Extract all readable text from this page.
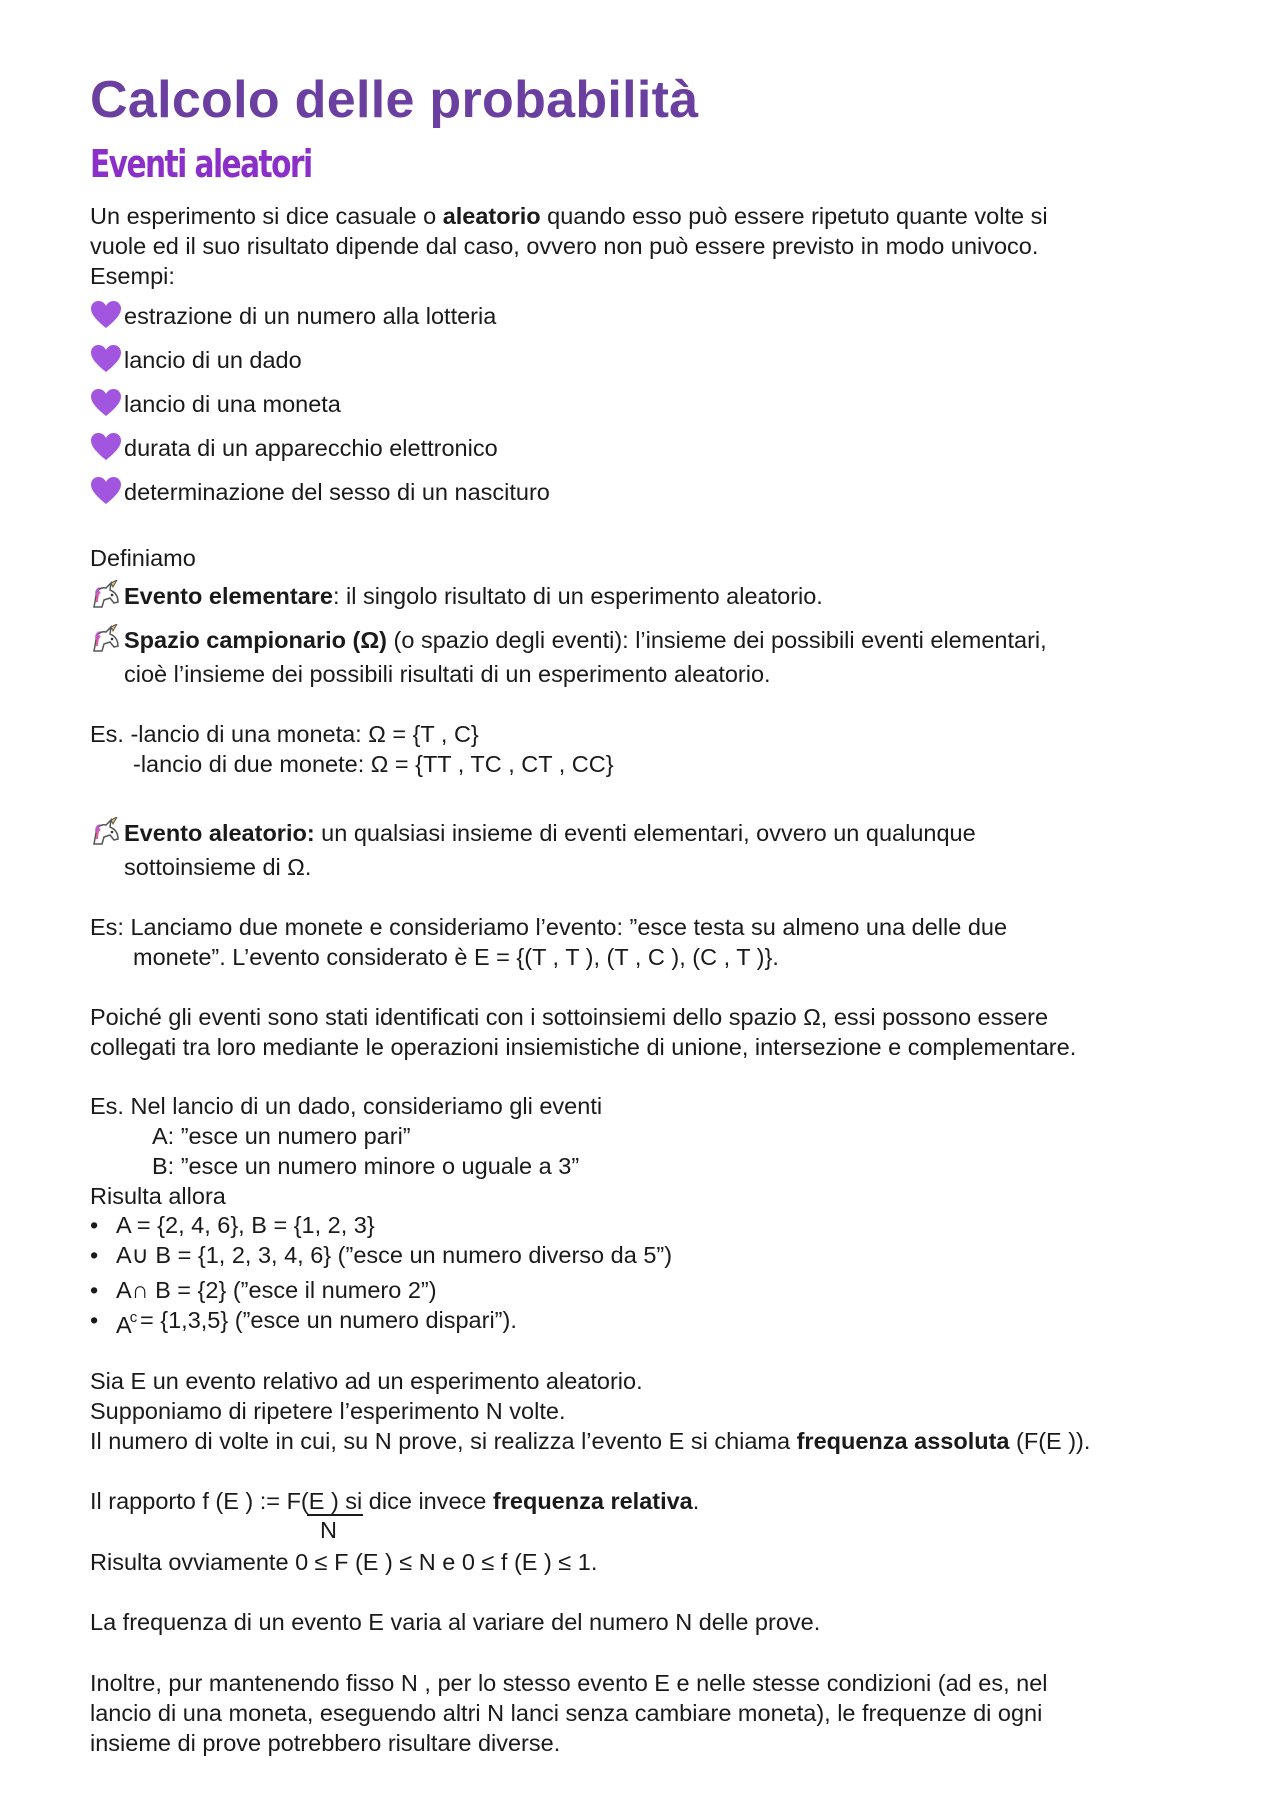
Calcolo delle probabilità
Eventi aleatori
Un esperimento si dice casuale o aleatorio quando esso può essere ripetuto quante volte si
vuole ed il suo risultato dipende dal caso, ovvero non può essere previsto in modo univoco.
Esempi:
estrazione di un numero alla lotteria
lancio di un dado
lancio di una moneta
durata di un apparecchio elettronico
determinazione del sesso di un nascituro
Definiamo
Evento elementare: il singolo risultato di un esperimento aleatorio.
Spazio campionario (Ω) (o spazio degli eventi): l’insieme dei possibili eventi elementari,
cioè l’insieme dei possibili risultati di un esperimento aleatorio.
Es. -lancio di una moneta: Ω = {T , C}
-lancio di due monete: Ω = {TT , TC , CT , CC}
Evento aleatorio: un qualsiasi insieme di eventi elementari, ovvero un qualunque
sottoinsieme di Ω.
Es: Lanciamo due monete e consideriamo l’evento: ”esce testa su almeno una delle due
monete”. L’evento considerato è E = {(T , T ), (T , C ), (C , T )}.
Poiché gli eventi sono stati identificati con i sottoinsiemi dello spazio Ω, essi possono essere
collegati tra loro mediante le operazioni insiemistiche di unione, intersezione e complementare.
Es. Nel lancio di un dado, consideriamo gli eventi
A: ”esce un numero pari”
B: ”esce un numero minore o uguale a 3”
Risulta allora
• A = {2, 4, 6}, B = {1, 2, 3}
• A∪ B = {1, 2, 3, 4, 6} (”esce un numero diverso da 5”)
• A∩ B = {2} (”esce il numero 2”)
• $A^c = \{1,3,5\}$ (”esce un numero dispari”).
Sia E un evento relativo ad un esperimento aleatorio.
Supponiamo di ripetere l’esperimento N volte.
Il numero di volte in cui, su N prove, si realizza l’evento E si chiama frequenza assoluta (F(E )).
Il rapporto f (E ) := F(E ) si dice invece frequenza relativa.
N
Risulta ovviamente 0 ≤ F (E ) ≤ N e 0 ≤ f (E ) ≤ 1.
La frequenza di un evento E varia al variare del numero N delle prove.
Inoltre, pur mantenendo fisso N , per lo stesso evento E e nelle stesse condizioni (ad es, nel
lancio di una moneta, eseguendo altri N lanci senza cambiare moneta), le frequenze di ogni
insieme di prove potrebbero risultare diverse.
